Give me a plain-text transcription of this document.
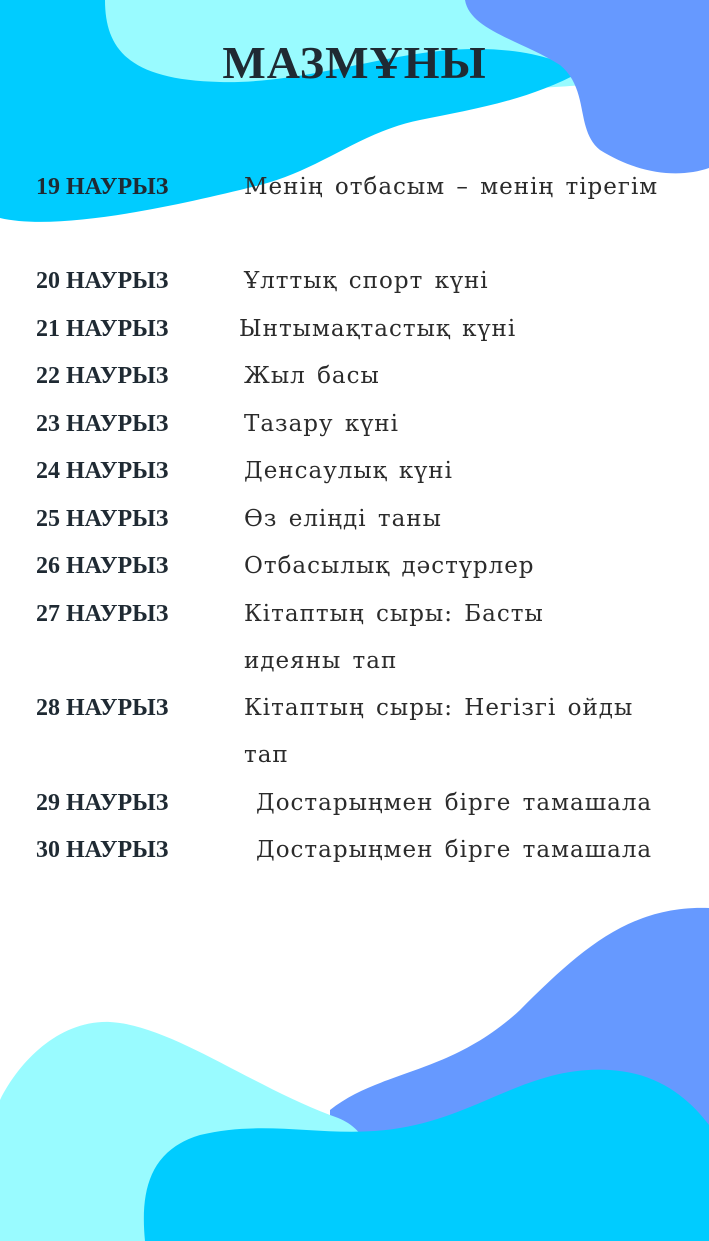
МАЗМҰНЫ
19 НАУРЫЗ	Менің отбасым – менің тірегім
20 НАУРЫЗ	Ұлттық спорт күні
21 НАУРЫЗ	Ынтымақтастық күні
22 НАУРЫЗ	Жыл басы
23 НАУРЫЗ	Тазару күні
24 НАУРЫЗ	Денсаулық күні
25 НАУРЫЗ	Өз еліңді таны
26 НАУРЫЗ	Отбасылық дәстүрлер
27 НАУРЫЗ	Кітаптың сыры: Басты идеяны тап
28 НАУРЫЗ	Кітаптың сыры: Негізгі ойды тап
29 НАУРЫЗ	Достарыңмен бірге тамашала
30 НАУРЫЗ	Достарыңмен бірге тамашала
